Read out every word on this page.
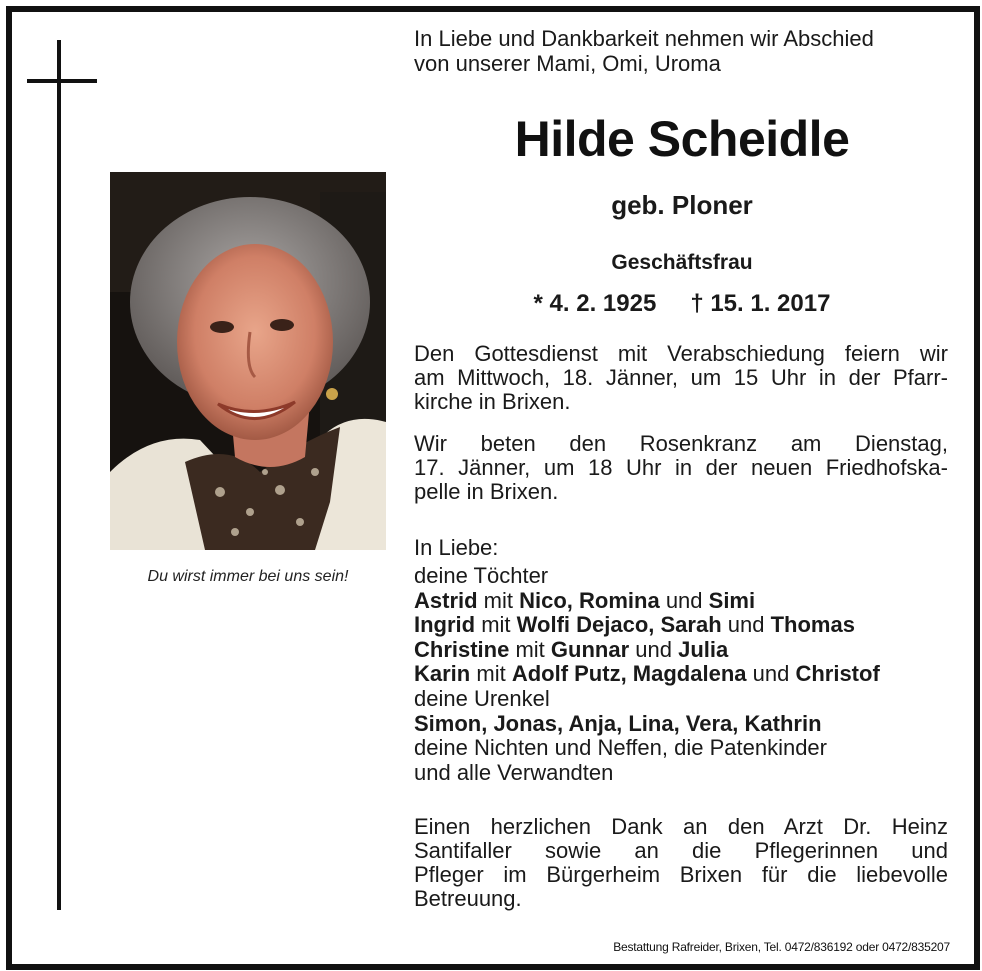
Du wirst immer bei uns sein!
In Liebe und Dankbarkeit nehmen wir Abschied
von unserer Mami, Omi, Uroma
Hilde Scheidle
geb. Ploner
Geschäftsfrau
* 4. 2. 1925 † 15. 1. 2017
Den Gottesdienst mit Verabschiedung feiern wir
am Mittwoch, 18. Jänner, um 15 Uhr in der Pfarr-
kirche in Brixen.
Wir beten den Rosenkranz am Dienstag,
17. Jänner, um 18 Uhr in der neuen Friedhofska-
pelle in Brixen.
In Liebe:
deine Töchter
Astrid mit Nico, Romina und Simi
Ingrid mit Wolfi Dejaco, Sarah und Thomas
Christine mit Gunnar und Julia
Karin mit Adolf Putz, Magdalena und Christof
deine Urenkel
Simon, Jonas, Anja, Lina, Vera, Kathrin
deine Nichten und Neffen, die Patenkinder
und alle Verwandten
Einen herzlichen Dank an den Arzt Dr. Heinz
Santifaller sowie an die Pflegerinnen und
Pfleger im Bürgerheim Brixen für die liebevolle
Betreuung.
Bestattung Rafreider, Brixen, Tel. 0472/836192 oder 0472/835207
